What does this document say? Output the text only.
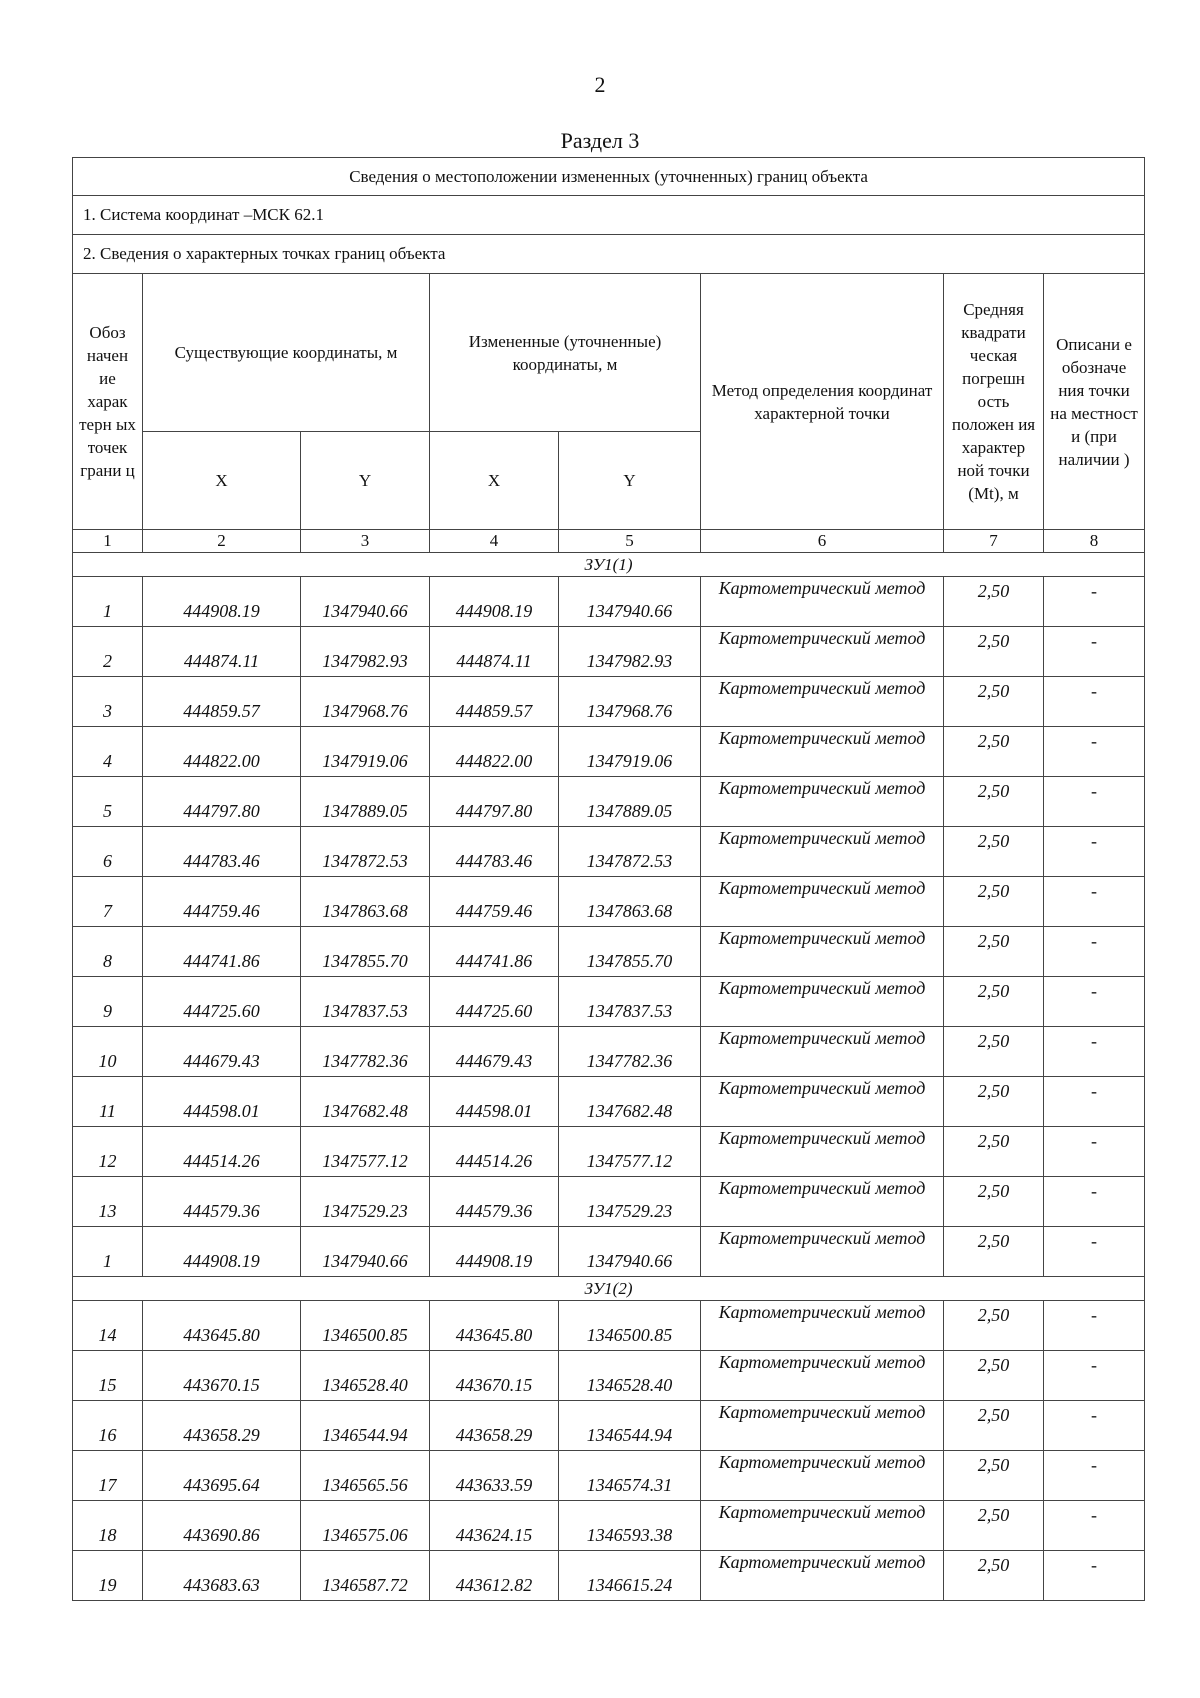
2
Раздел 3
Сведения о местоположении измененных (уточненных) границ объекта							
1. Система координат –МСК 62.1							
2. Сведения о характерных точках границ объекта							
Обоз начен ие харак терн ых точек грани ц	Существующие координаты, м		Измененные (уточненные) координаты, м		Метод определения координат характерной точки	Средняя квадрати ческая погрешн ость положен ия характер ной точки (Mt), м	Описани е обозначе ния точки на местност и (при наличии )
	X	Y	X	Y			
1	2	3	4	5	6	7	8
ЗУ1(1)							
1	444908.19	1347940.66	444908.19	1347940.66	Картометрический метод	2,50	-
2	444874.11	1347982.93	444874.11	1347982.93	Картометрический метод	2,50	-
3	444859.57	1347968.76	444859.57	1347968.76	Картометрический метод	2,50	-
4	444822.00	1347919.06	444822.00	1347919.06	Картометрический метод	2,50	-
5	444797.80	1347889.05	444797.80	1347889.05	Картометрический метод	2,50	-
6	444783.46	1347872.53	444783.46	1347872.53	Картометрический метод	2,50	-
7	444759.46	1347863.68	444759.46	1347863.68	Картометрический метод	2,50	-
8	444741.86	1347855.70	444741.86	1347855.70	Картометрический метод	2,50	-
9	444725.60	1347837.53	444725.60	1347837.53	Картометрический метод	2,50	-
10	444679.43	1347782.36	444679.43	1347782.36	Картометрический метод	2,50	-
11	444598.01	1347682.48	444598.01	1347682.48	Картометрический метод	2,50	-
12	444514.26	1347577.12	444514.26	1347577.12	Картометрический метод	2,50	-
13	444579.36	1347529.23	444579.36	1347529.23	Картометрический метод	2,50	-
1	444908.19	1347940.66	444908.19	1347940.66	Картометрический метод	2,50	-
ЗУ1(2)							
14	443645.80	1346500.85	443645.80	1346500.85	Картометрический метод	2,50	-
15	443670.15	1346528.40	443670.15	1346528.40	Картометрический метод	2,50	-
16	443658.29	1346544.94	443658.29	1346544.94	Картометрический метод	2,50	-
17	443695.64	1346565.56	443633.59	1346574.31	Картометрический метод	2,50	-
18	443690.86	1346575.06	443624.15	1346593.38	Картометрический метод	2,50	-
19	443683.63	1346587.72	443612.82	1346615.24	Картометрический метод	2,50	-
